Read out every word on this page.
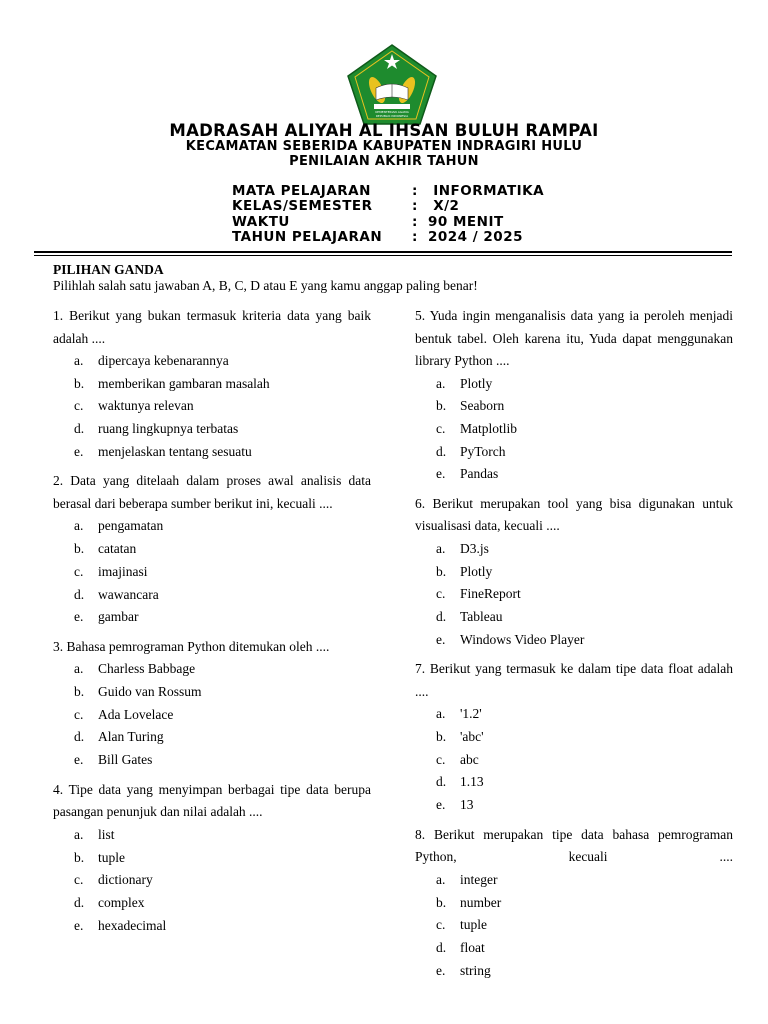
KEMENTERIAN AGAMA
REPUBLIK INDONESIA
MADRASAH ALIYAH AL IHSAN BULUH RAMPAI
KECAMATAN SEBERIDA KABUPATEN INDRAGIRI HULU
PENILAIAN AKHIR TAHUN
MATA PELAJARAN	: INFORMATIKA
KELAS/SEMESTER	: X/2
WAKTU	: 90 MENIT
TAHUN PELAJARAN	: 2024 / 2025
PILIHAN GANDA
Pilihlah salah satu jawaban A, B, C, D atau E yang kamu anggap paling benar!
1. Berikut yang bukan termasuk kriteria data yang baik adalah ....
a.	dipercaya kebenarannya
b.	memberikan gambaran masalah
c.	waktunya relevan
d.	ruang lingkupnya terbatas
e.	menjelaskan tentang sesuatu
2. Data yang ditelaah dalam proses awal analisis data berasal dari beberapa sumber berikut ini, kecuali ....
a.	pengamatan
b.	catatan
c.	imajinasi
d.	wawancara
e.	gambar
3. Bahasa pemrograman Python ditemukan oleh ....
a.	Charless Babbage
b.	Guido van Rossum
c.	Ada Lovelace
d.	Alan Turing
e.	Bill Gates
4. Tipe data yang menyimpan berbagai tipe data berupa pasangan penunjuk dan nilai adalah ....
a.	list
b.	tuple
c.	dictionary
d.	complex
e.	hexadecimal
5. Yuda ingin menganalisis data yang ia peroleh menjadi bentuk tabel. Oleh karena itu, Yuda dapat menggunakan library Python ....
a.	Plotly
b.	Seaborn
c.	Matplotlib
d.	PyTorch
e.	Pandas
6. Berikut merupakan tool yang bisa digunakan untuk visualisasi data, kecuali ....
a.	D3.js
b.	Plotly
c.	FineReport
d.	Tableau
e.	Windows Video Player
7. Berikut yang termasuk ke dalam tipe data float adalah ....
a.	'1.2'
b.	'abc'
c.	abc
d.	1.13
e.	13
8. Berikut merupakan tipe data bahasa pemrograman Python, kecuali ....
a.	integer
b.	number
c.	tuple
d.	float
e.	string
